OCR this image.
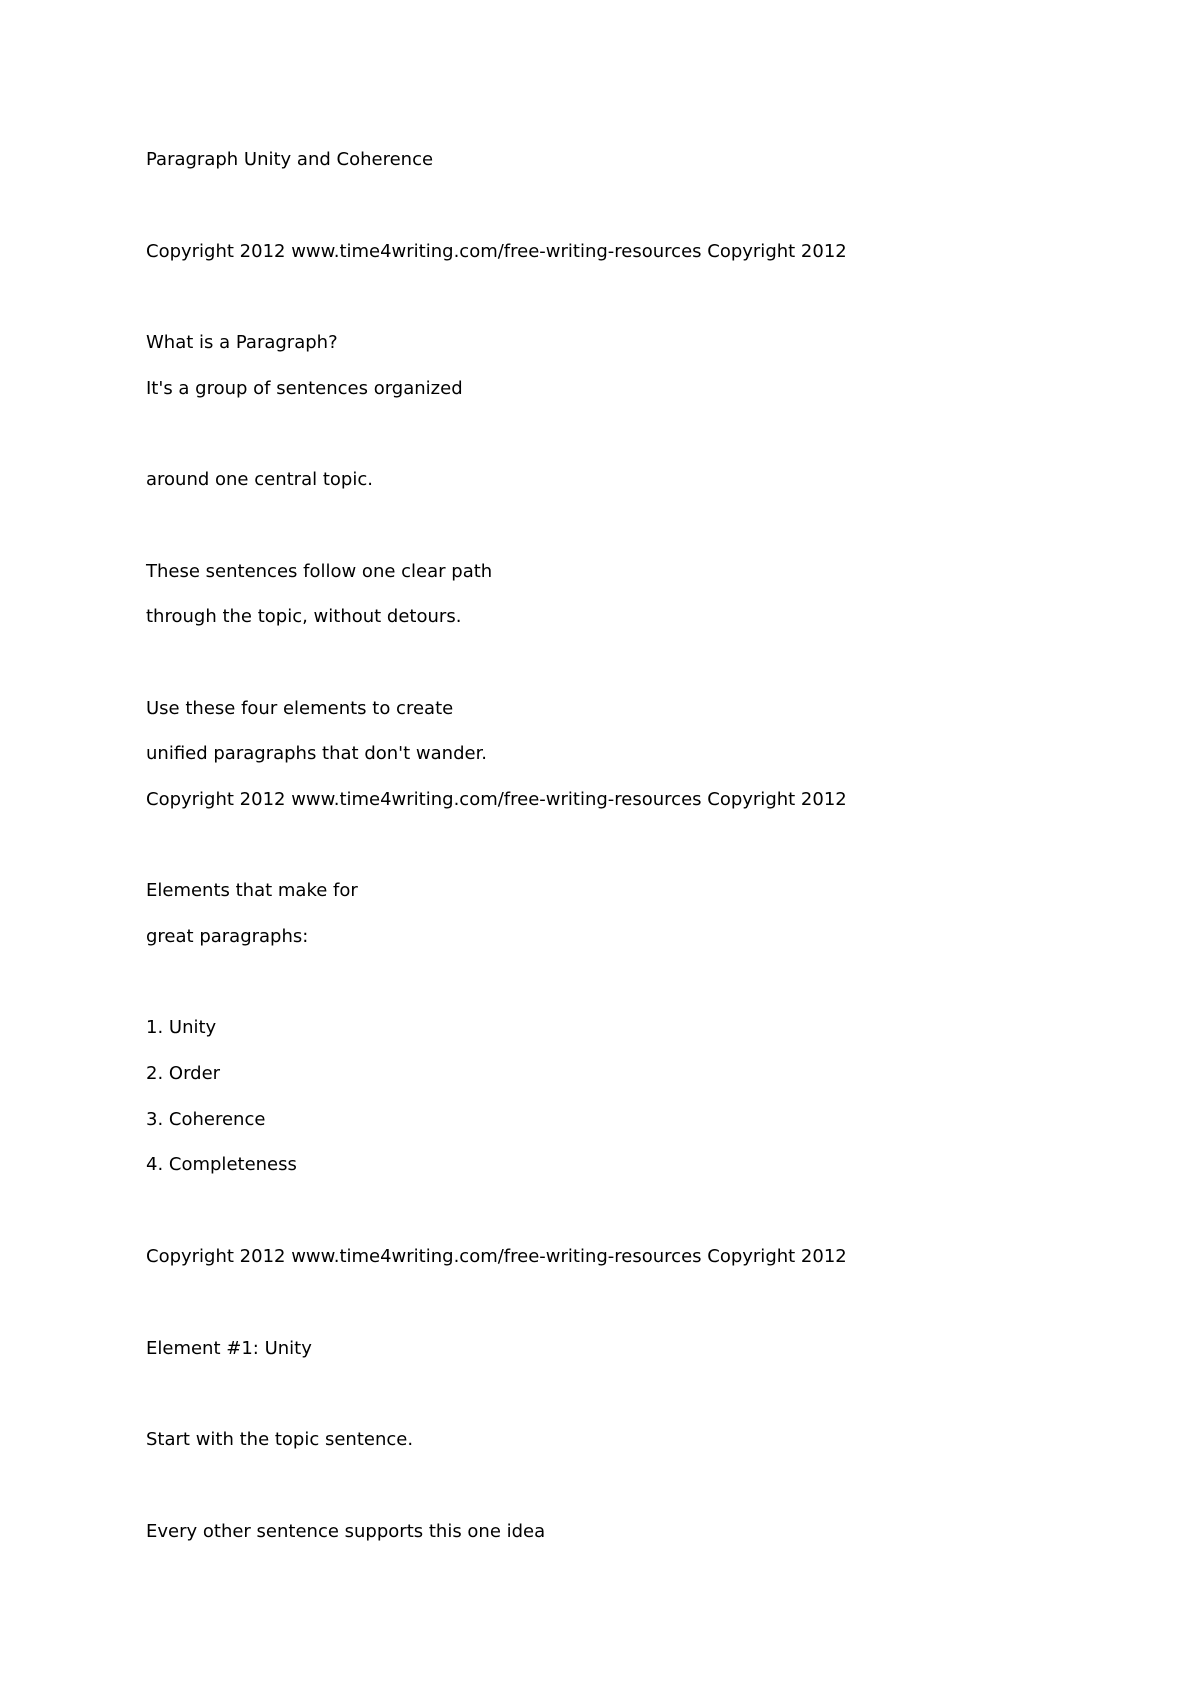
Paragraph Unity and Coherence

Copyright 2012 www.time4writing.com/free-writing-resources Copyright 2012

What is a Paragraph?

It's a group of sentences organized

around one central topic.

These sentences follow one clear path

through the topic, without detours.

Use these four elements to create

unified paragraphs that don't wander.

Copyright 2012 www.time4writing.com/free-writing-resources Copyright 2012

Elements that make for

great paragraphs:

1. Unity

2. Order

3. Coherence

4. Completeness

Copyright 2012 www.time4writing.com/free-writing-resources Copyright 2012

Element #1: Unity

Start with the topic sentence.

Every other sentence supports this one idea
